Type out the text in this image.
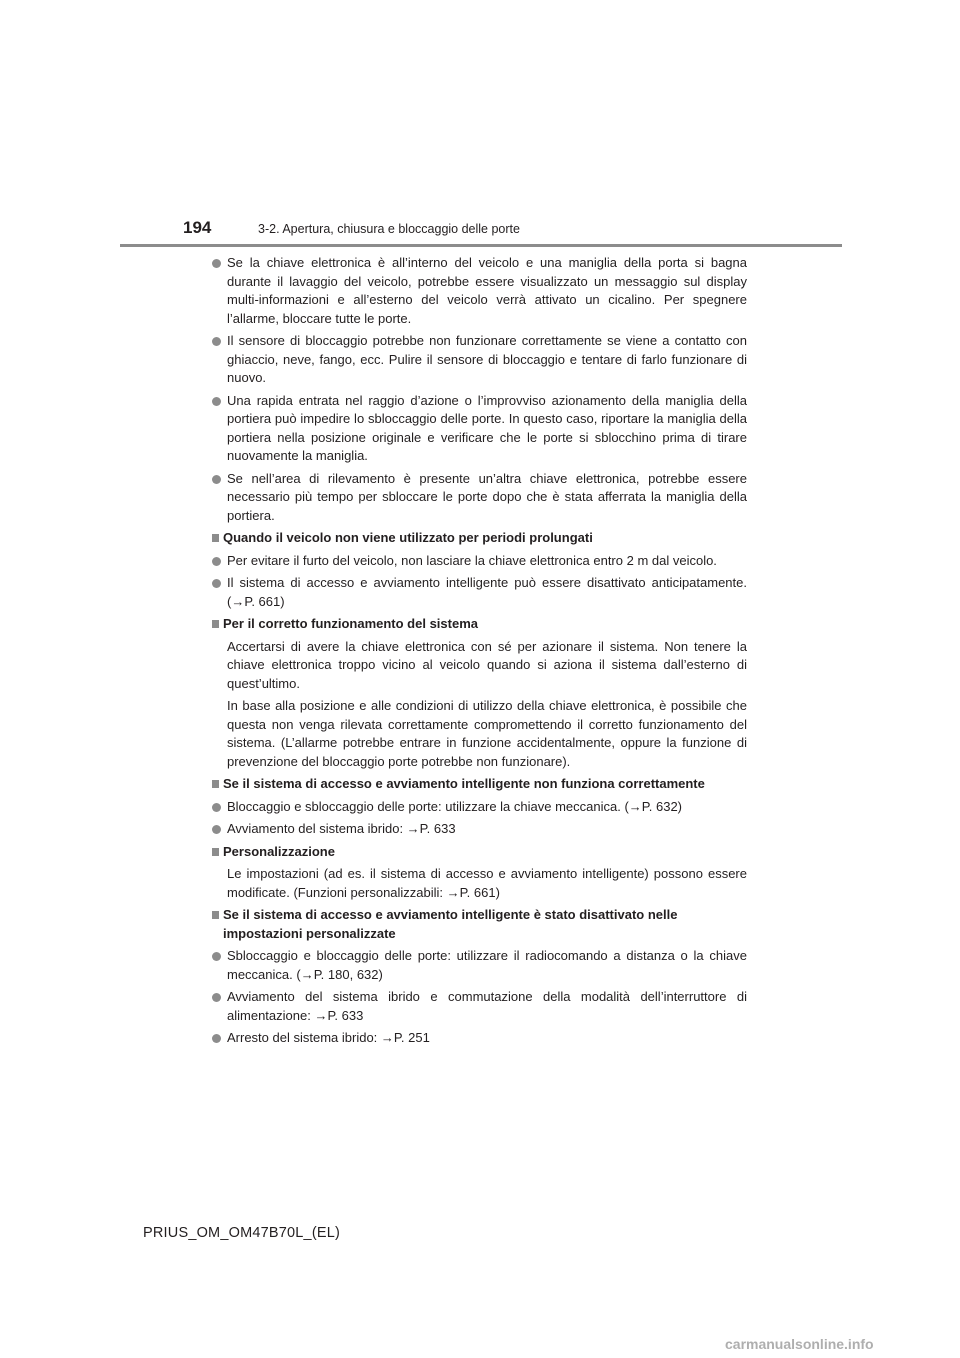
194	3-2. Apertura, chiusura e bloccaggio delle porte
Se la chiave elettronica è all’interno del veicolo e una maniglia della porta si bagna durante il lavaggio del veicolo, potrebbe essere visualizzato un messaggio sul display multi-informazioni e all’esterno del veicolo verrà attivato un cicalino. Per spegnere l’allarme, bloccare tutte le porte.
Il sensore di bloccaggio potrebbe non funzionare correttamente se viene a contatto con ghiaccio, neve, fango, ecc. Pulire il sensore di bloccaggio e tentare di farlo funzionare di nuovo.
Una rapida entrata nel raggio d’azione o l’improvviso azionamento della maniglia della portiera può impedire lo sbloccaggio delle porte. In questo caso, riportare la maniglia della portiera nella posizione originale e verificare che le porte si sblocchino prima di tirare nuovamente la maniglia.
Se nell’area di rilevamento è presente un’altra chiave elettronica, potrebbe essere necessario più tempo per sbloccare le porte dopo che è stata afferrata la maniglia della portiera.
Quando il veicolo non viene utilizzato per periodi prolungati
Per evitare il furto del veicolo, non lasciare la chiave elettronica entro 2 m dal veicolo.
Il sistema di accesso e avviamento intelligente può essere disattivato anticipatamente. (→P. 661)
Per il corretto funzionamento del sistema
Accertarsi di avere la chiave elettronica con sé per azionare il sistema. Non tenere la chiave elettronica troppo vicino al veicolo quando si aziona il sistema dall’esterno di quest’ultimo.
In base alla posizione e alle condizioni di utilizzo della chiave elettronica, è possibile che questa non venga rilevata correttamente compromettendo il corretto funzionamento del sistema. (L’allarme potrebbe entrare in funzione accidentalmente, oppure la funzione di prevenzione del bloccaggio porte potrebbe non funzionare).
Se il sistema di accesso e avviamento intelligente non funziona correttamente
Bloccaggio e sbloccaggio delle porte: utilizzare la chiave meccanica. (→P. 632)
Avviamento del sistema ibrido: →P. 633
Personalizzazione
Le impostazioni (ad es. il sistema di accesso e avviamento intelligente) possono essere modificate. (Funzioni personalizzabili: →P. 661)
Se il sistema di accesso e avviamento intelligente è stato disattivato nelle impostazioni personalizzate
Sbloccaggio e bloccaggio delle porte: utilizzare il radiocomando a distanza o la chiave meccanica. (→P. 180, 632)
Avviamento del sistema ibrido e commutazione della modalità dell’interruttore di alimentazione: →P. 633
Arresto del sistema ibrido: →P. 251
PRIUS_OM_OM47B70L_(EL)
carmanualsonline.info
